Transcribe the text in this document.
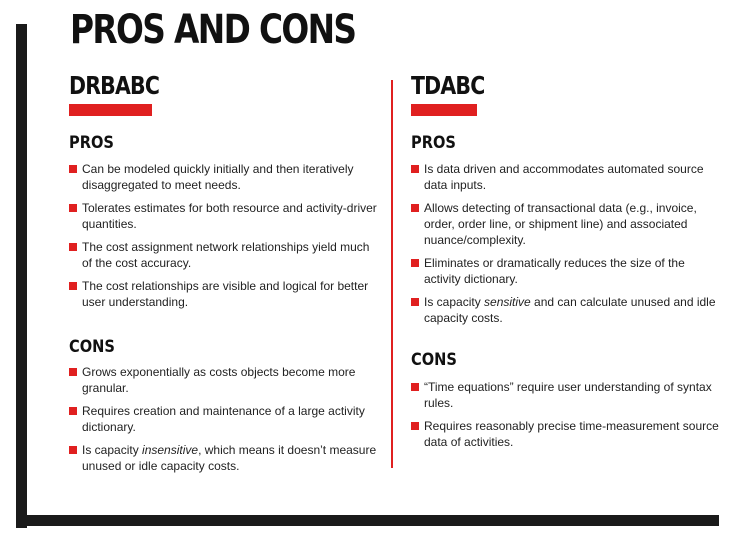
PROS AND CONS
DRBABC
PROS
Can be modeled quickly initially and then iteratively disaggregated to meet needs.
Tolerates estimates for both resource and activity-driver quantities.
The cost assignment network relationships yield much of the cost accuracy.
The cost relationships are visible and logical for better user understanding.
CONS
Grows exponentially as costs objects become more granular.
Requires creation and maintenance of a large activity dictionary.
Is capacity insensitive, which means it doesn’t measure unused or idle capacity costs.
TDABC
PROS
Is data driven and accommodates automated source data inputs.
Allows detecting of transactional data (e.g., invoice, order, order line, or shipment line) and associated nuance/complexity.
Eliminates or dramatically reduces the size of the activity dictionary.
Is capacity sensitive and can calculate unused and idle capacity costs.
CONS
“Time equations” require user understanding of syntax rules.
Requires reasonably precise time-measurement source data of activities.
